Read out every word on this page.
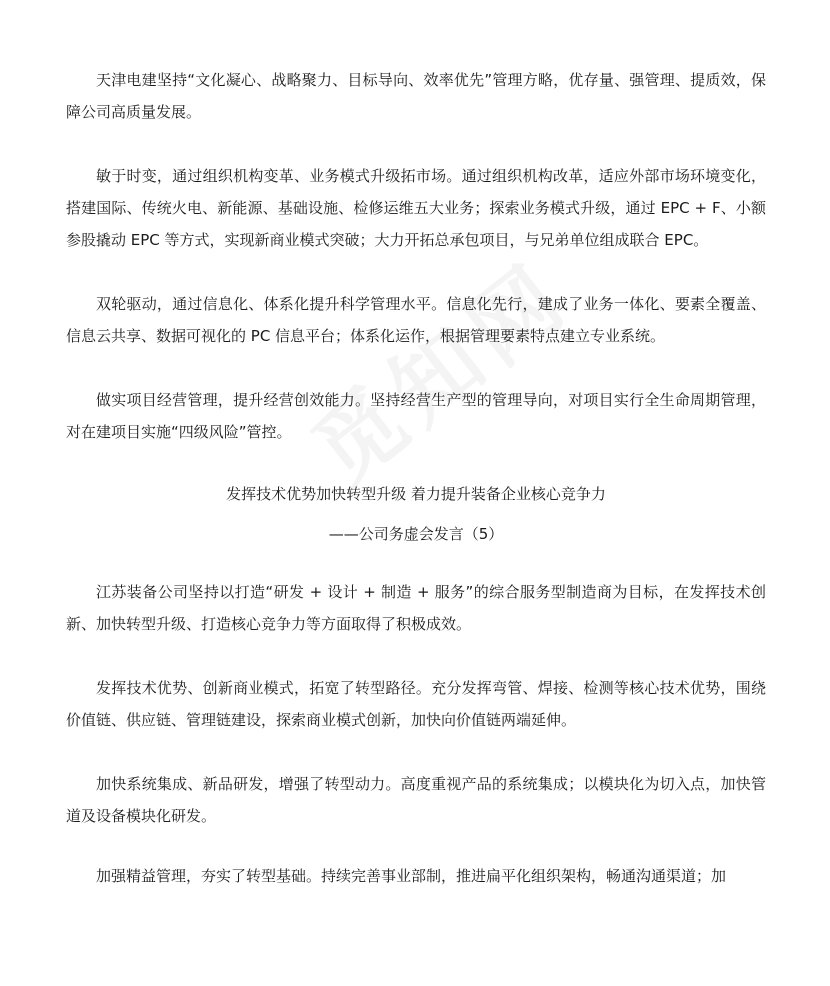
天津电建坚持“文化凝心、战略聚力、目标导向、效率优先”管理方略，优存量、强管理、提质效，保障公司高质量发展。

敏于时变，通过组织机构变革、业务模式升级拓市场。通过组织机构改革，适应外部市场环境变化，搭建国际、传统火电、新能源、基础设施、检修运维五大业务；探索业务模式升级，通过 EPC + F、小额参股撬动 EPC 等方式，实现新商业模式突破；大力开拓总承包项目，与兄弟单位组成联合 EPC。

双轮驱动，通过信息化、体系化提升科学管理水平。信息化先行，建成了业务一体化、要素全覆盖、信息云共享、数据可视化的 PC 信息平台；体系化运作，根据管理要素特点建立专业系统。

做实项目经营管理，提升经营创效能力。坚持经营生产型的管理导向，对项目实行全生命周期管理，对在建项目实施“四级风险”管控。

发挥技术优势加快转型升级 着力提升装备企业核心竞争力

——公司务虚会发言（5）

江苏装备公司坚持以打造“研发 + 设计 + 制造 + 服务”的综合服务型制造商为目标，在发挥技术创新、加快转型升级、打造核心竞争力等方面取得了积极成效。

发挥技术优势、创新商业模式，拓宽了转型路径。充分发挥弯管、焊接、检测等核心技术优势，围绕价值链、供应链、管理链建设，探索商业模式创新，加快向价值链两端延伸。

加快系统集成、新品研发，增强了转型动力。高度重视产品的系统集成；以模块化为切入点，加快管道及设备模块化研发。

加强精益管理，夯实了转型基础。持续完善事业部制，推进扁平化组织架构，畅通沟通渠道；加
